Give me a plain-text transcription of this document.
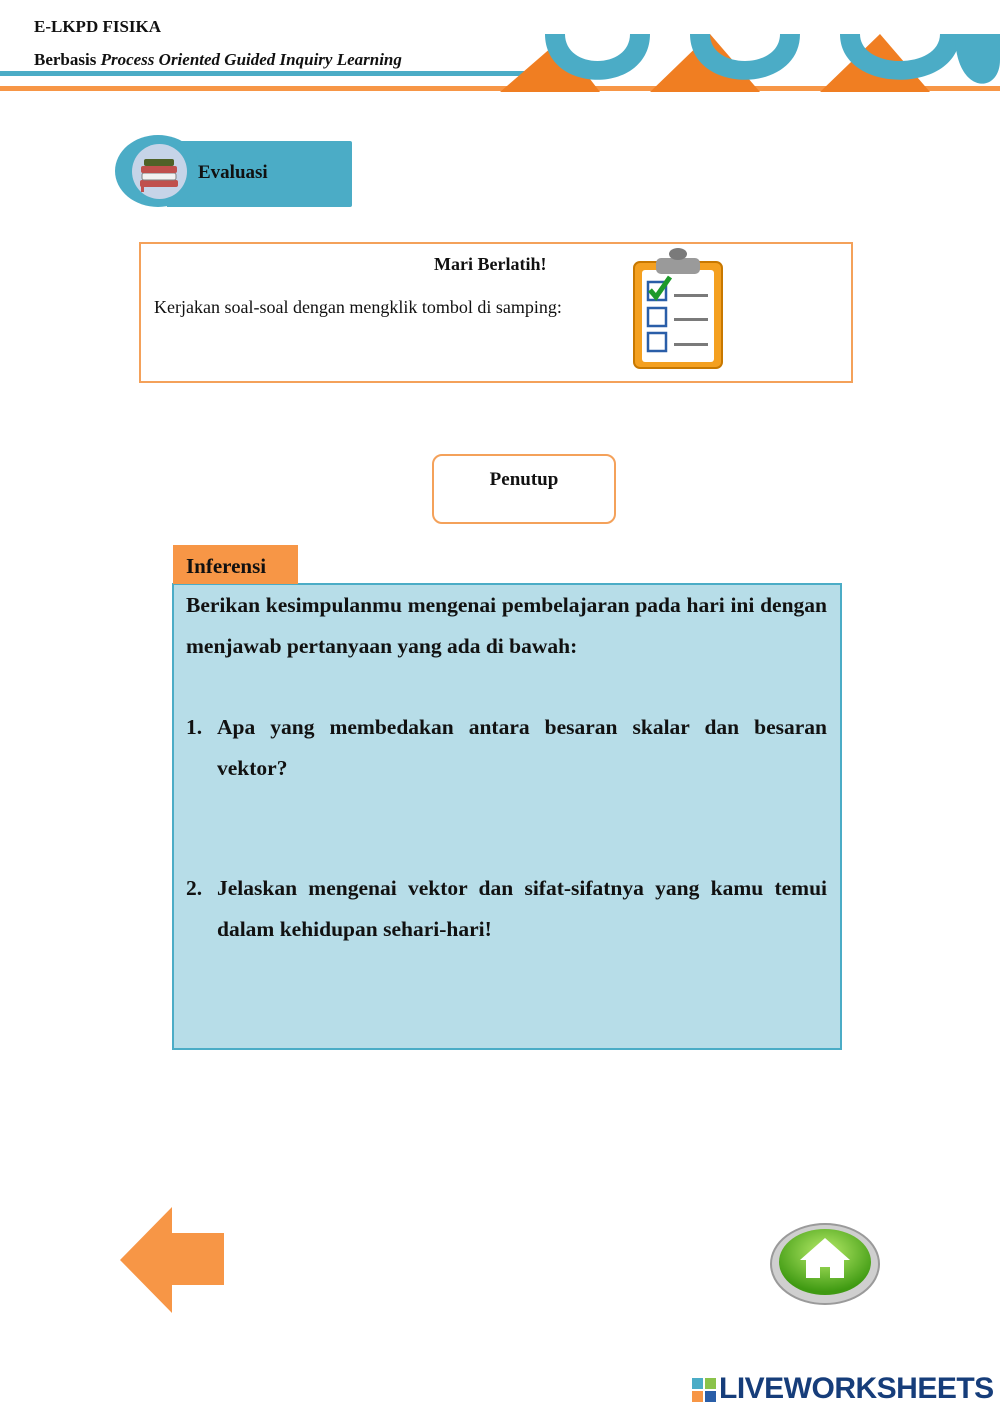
E-LKPD FISIKA
Berbasis Process Oriented Guided Inquiry Learning
Evaluasi
Mari Berlatih!
Kerjakan soal-soal dengan mengklik tombol di samping:
Penutup
Inferensi
Berikan kesimpulanmu mengenai pembelajaran pada hari ini dengan menjawab pertanyaan yang ada di bawah:
1. Apa yang membedakan antara besaran skalar dan besaran vektor?
2. Jelaskan mengenai vektor dan sifat-sifatnya yang kamu temui dalam kehidupan sehari-hari!
LIVEWORKSHEETS
